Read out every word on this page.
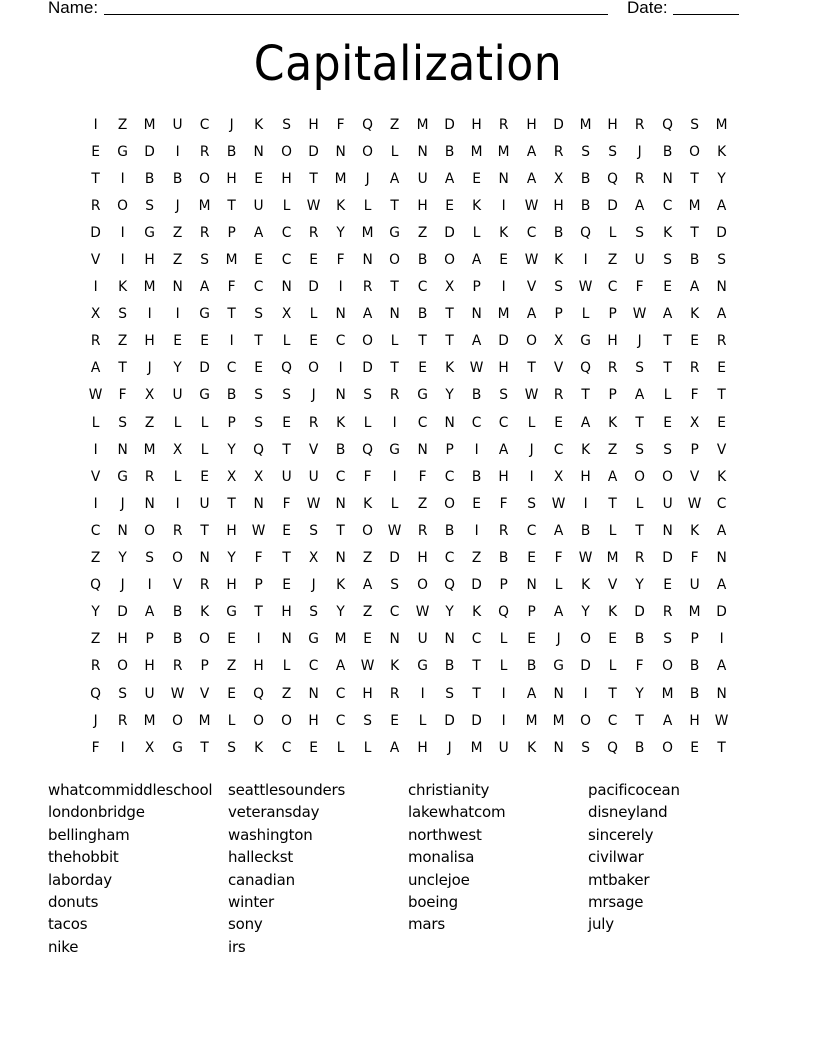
Name:	Date:
Capitalization
I	Z	M	U	C	J	K	S	H	F	Q	Z	M	D	H	R	H	D	M	H	R	Q	S	M
E	G	D	I	R	B	N	O	D	N	O	L	N	B	M	M	A	R	S	S	J	B	O	K
T	I	B	B	O	H	E	H	T	M	J	A	U	A	E	N	A	X	B	Q	R	N	T	Y
R	O	S	J	M	T	U	L	W	K	L	T	H	E	K	I	W	H	B	D	A	C	M	A
D	I	G	Z	R	P	A	C	R	Y	M	G	Z	D	L	K	C	B	Q	L	S	K	T	D
V	I	H	Z	S	M	E	C	E	F	N	O	B	O	A	E	W	K	I	Z	U	S	B	S
I	K	M	N	A	F	C	N	D	I	R	T	C	X	P	I	V	S	W	C	F	E	A	N
X	S	I	I	G	T	S	X	L	N	A	N	B	T	N	M	A	P	L	P	W	A	K	A
R	Z	H	E	E	I	T	L	E	C	O	L	T	T	A	D	O	X	G	H	J	T	E	R
A	T	J	Y	D	C	E	Q	O	I	D	T	E	K	W	H	T	V	Q	R	S	T	R	E
W	F	X	U	G	B	S	S	J	N	S	R	G	Y	B	S	W	R	T	P	A	L	F	T
L	S	Z	L	L	P	S	E	R	K	L	I	C	N	C	C	L	E	A	K	T	E	X	E
I	N	M	X	L	Y	Q	T	V	B	Q	G	N	P	I	A	J	C	K	Z	S	S	P	V
V	G	R	L	E	X	X	U	U	C	F	I	F	C	B	H	I	X	H	A	O	O	V	K
I	J	N	I	U	T	N	F	W	N	K	L	Z	O	E	F	S	W	I	T	L	U	W	C
C	N	O	R	T	H	W	E	S	T	O	W	R	B	I	R	C	A	B	L	T	N	K	A
Z	Y	S	O	N	Y	F	T	X	N	Z	D	H	C	Z	B	E	F	W M	R	D	F	N
Q	J	I	V	R	H	P	E	J	K	A	S	O	Q	D	P	N	L	K	V	Y	E	U	A
Y	D	A	B	K	G	T	H	S	Y	Z	C	W	Y	K	Q	P	A	Y	K	D	R	M	D
Z	H	P	B	O	E	I	N	G	M	E	N	U	N	C	L	E	J	O	E	B	S	P	I
R	O	H	R	P	Z	H	L	C	A	W	K	G	B	T	L	B	G	D	L	F	O	B	A
Q	S	U	W	V	E	Q	Z	N	C	H	R	I	S	T	I	A	N	I	T	Y	M	B	N
J	R	M	O	M	L	O	O	H	C	S	E	L	D	D	I	M	M	O	C	T	A	H	W
F	I	X	G	T	S	K	C	E	L	L	A	H	J	M	U	K	N	S	Q	B	O	E	T
whatcommiddleschool
londonbridge
bellingham
thehobbit
laborday
donuts
tacos
nike
seattlesounders
veteransday
washington
halleckst
canadian
winter
sony
irs
christianity
lakewhatcom
northwest
monalisa
unclejoe
boeing
mars
pacificocean
disneyland
sincerely
civilwar
mtbaker
mrsage
july
